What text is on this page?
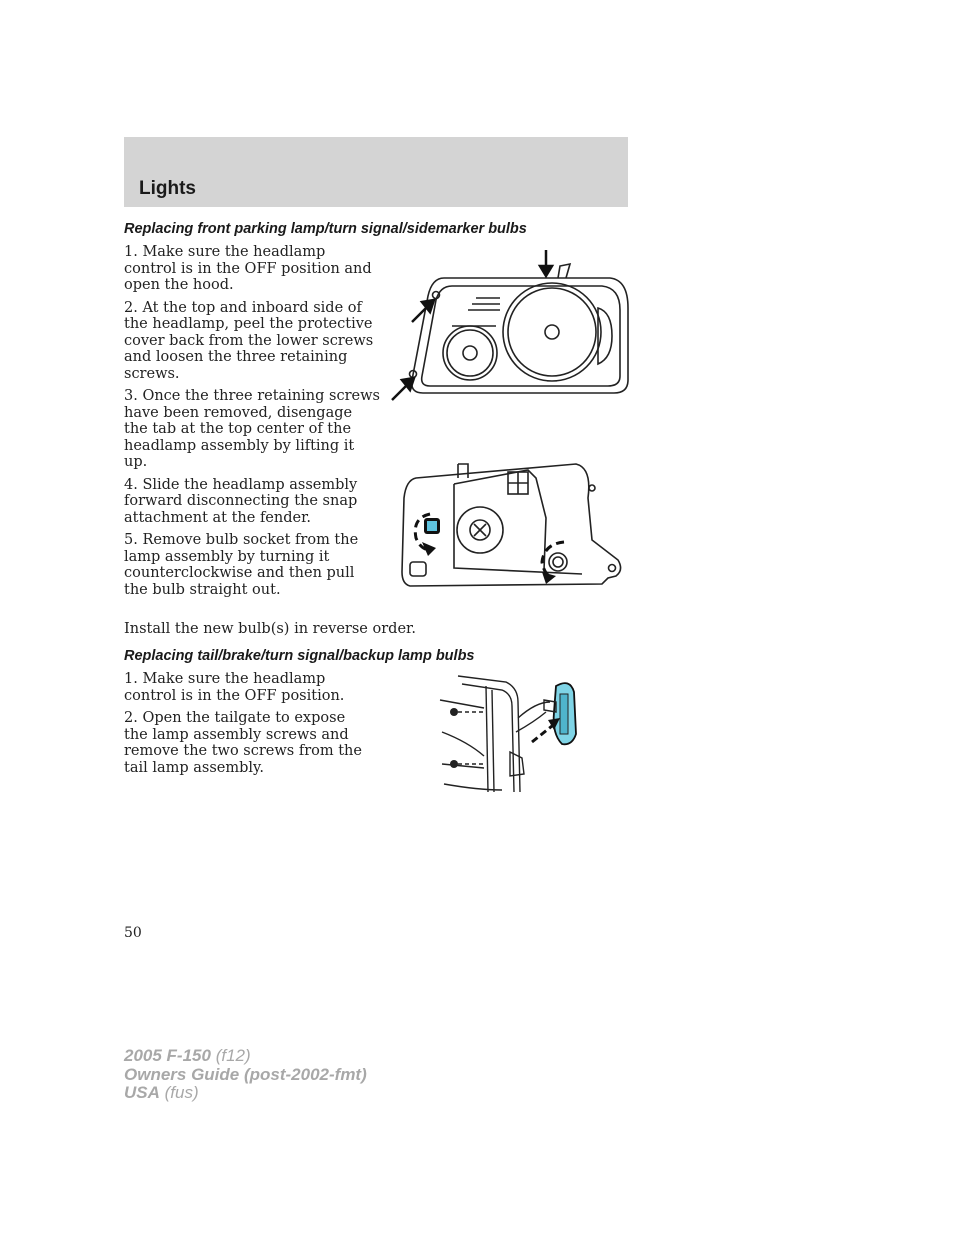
Lights
Replacing front parking lamp/turn signal/sidemarker bulbs
1. Make sure the headlamp control is in the OFF position and open the hood.
2. At the top and inboard side of the headlamp, peel the protective cover back from the lower screws and loosen the three retaining screws.
3. Once the three retaining screws have been removed, disengage the tab at the top center of the headlamp assembly by lifting it up.
4. Slide the headlamp assembly forward disconnecting the snap attachment at the fender.
5. Remove bulb socket from the lamp assembly by turning it counterclockwise and then pull the bulb straight out.
Install the new bulb(s) in reverse order.
Replacing tail/brake/turn signal/backup lamp bulbs
1. Make sure the headlamp control is in the OFF position.
2. Open the tailgate to expose the lamp assembly screws and remove the two screws from the tail lamp assembly.
50
2005 F-150 (f12)
Owners Guide (post-2002-fmt)
USA (fus)
